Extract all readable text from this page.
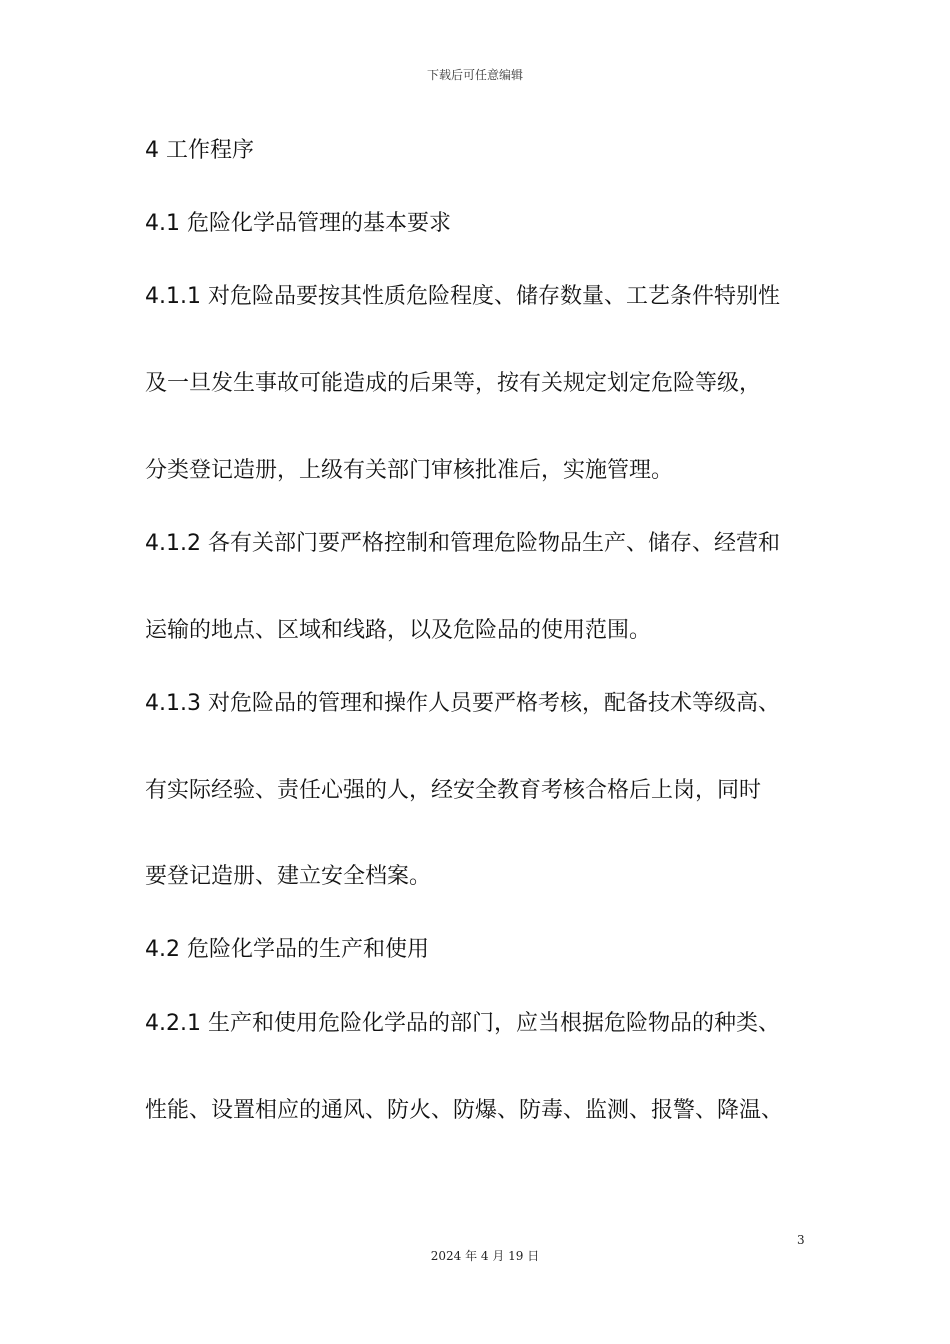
下载后可任意编辑
4 工作程序
4.1 危险化学品管理的基本要求
4.1.1 对危险品要按其性质危险程度、储存数量、工艺条件特别性
及一旦发生事故可能造成的后果等，按有关规定划定危险等级，
分类登记造册，上级有关部门审核批准后，实施管理。
4.1.2 各有关部门要严格控制和管理危险物品生产、储存、经营和
运输的地点、区域和线路，以及危险品的使用范围。
4.1.3 对危险品的管理和操作人员要严格考核，配备技术等级高、
有实际经验、责任心强的人，经安全教育考核合格后上岗，同时
要登记造册、建立安全档案。
4.2 危险化学品的生产和使用
4.2.1 生产和使用危险化学品的部门，应当根据危险物品的种类、
性能、设置相应的通风、防火、防爆、防毒、监测、报警、降温、
3
2024 年 4 月 19 日
